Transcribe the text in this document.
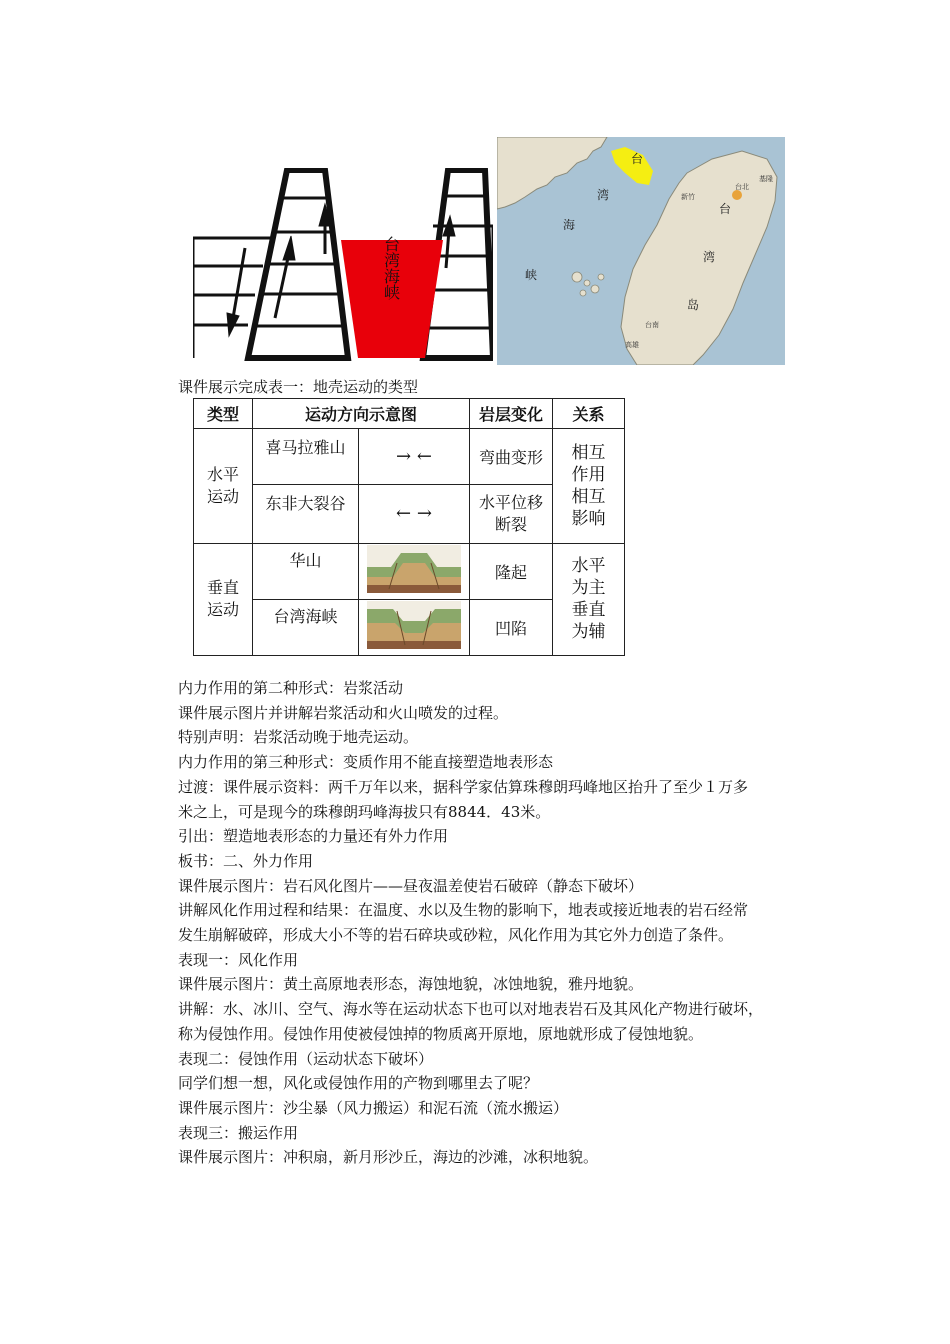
台湾海峡
台
湾
海
峡
台
湾
岛
台北
基隆
新竹
台南
高雄
课件展示完成表一：地壳运动的类型
类型	运动方向示意图		岩层变化	关系

水平运动	喜马拉雅山	→ ←	弯曲变形	相互作用相互影响

	东非大裂谷	← →	水平位移断裂	

垂直运动	华山		隆起	水平为主垂直为辅

	台湾海峡		凹陷	

内力作用的第二种形式：岩浆活动

课件展示图片并讲解岩浆活动和火山喷发的过程。

特别声明：岩浆活动晚于地壳运动。

内力作用的第三种形式：变质作用不能直接塑造地表形态

过渡：课件展示资料：两千万年以来，据科学家估算珠穆朗玛峰地区抬升了至少１万多

米之上，可是现今的珠穆朗玛峰海拔只有8844．43米。

引出：塑造地表形态的力量还有外力作用

板书：二、外力作用

课件展示图片：岩石风化图片——昼夜温差使岩石破碎（静态下破坏）

讲解风化作用过程和结果：在温度、水以及生物的影响下，地表或接近地表的岩石经常

发生崩解破碎，形成大小不等的岩石碎块或砂粒，风化作用为其它外力创造了条件。

表现一：风化作用

课件展示图片：黄土高原地表形态，海蚀地貌，冰蚀地貌，雅丹地貌。

讲解：水、冰川、空气、海水等在运动状态下也可以对地表岩石及其风化产物进行破坏，

称为侵蚀作用。侵蚀作用使被侵蚀掉的物质离开原地，原地就形成了侵蚀地貌。

表现二：侵蚀作用（运动状态下破坏）

同学们想一想，风化或侵蚀作用的产物到哪里去了呢？

课件展示图片：沙尘暴（风力搬运）和泥石流（流水搬运）

表现三：搬运作用

课件展示图片：冲积扇，新月形沙丘，海边的沙滩，冰积地貌。
